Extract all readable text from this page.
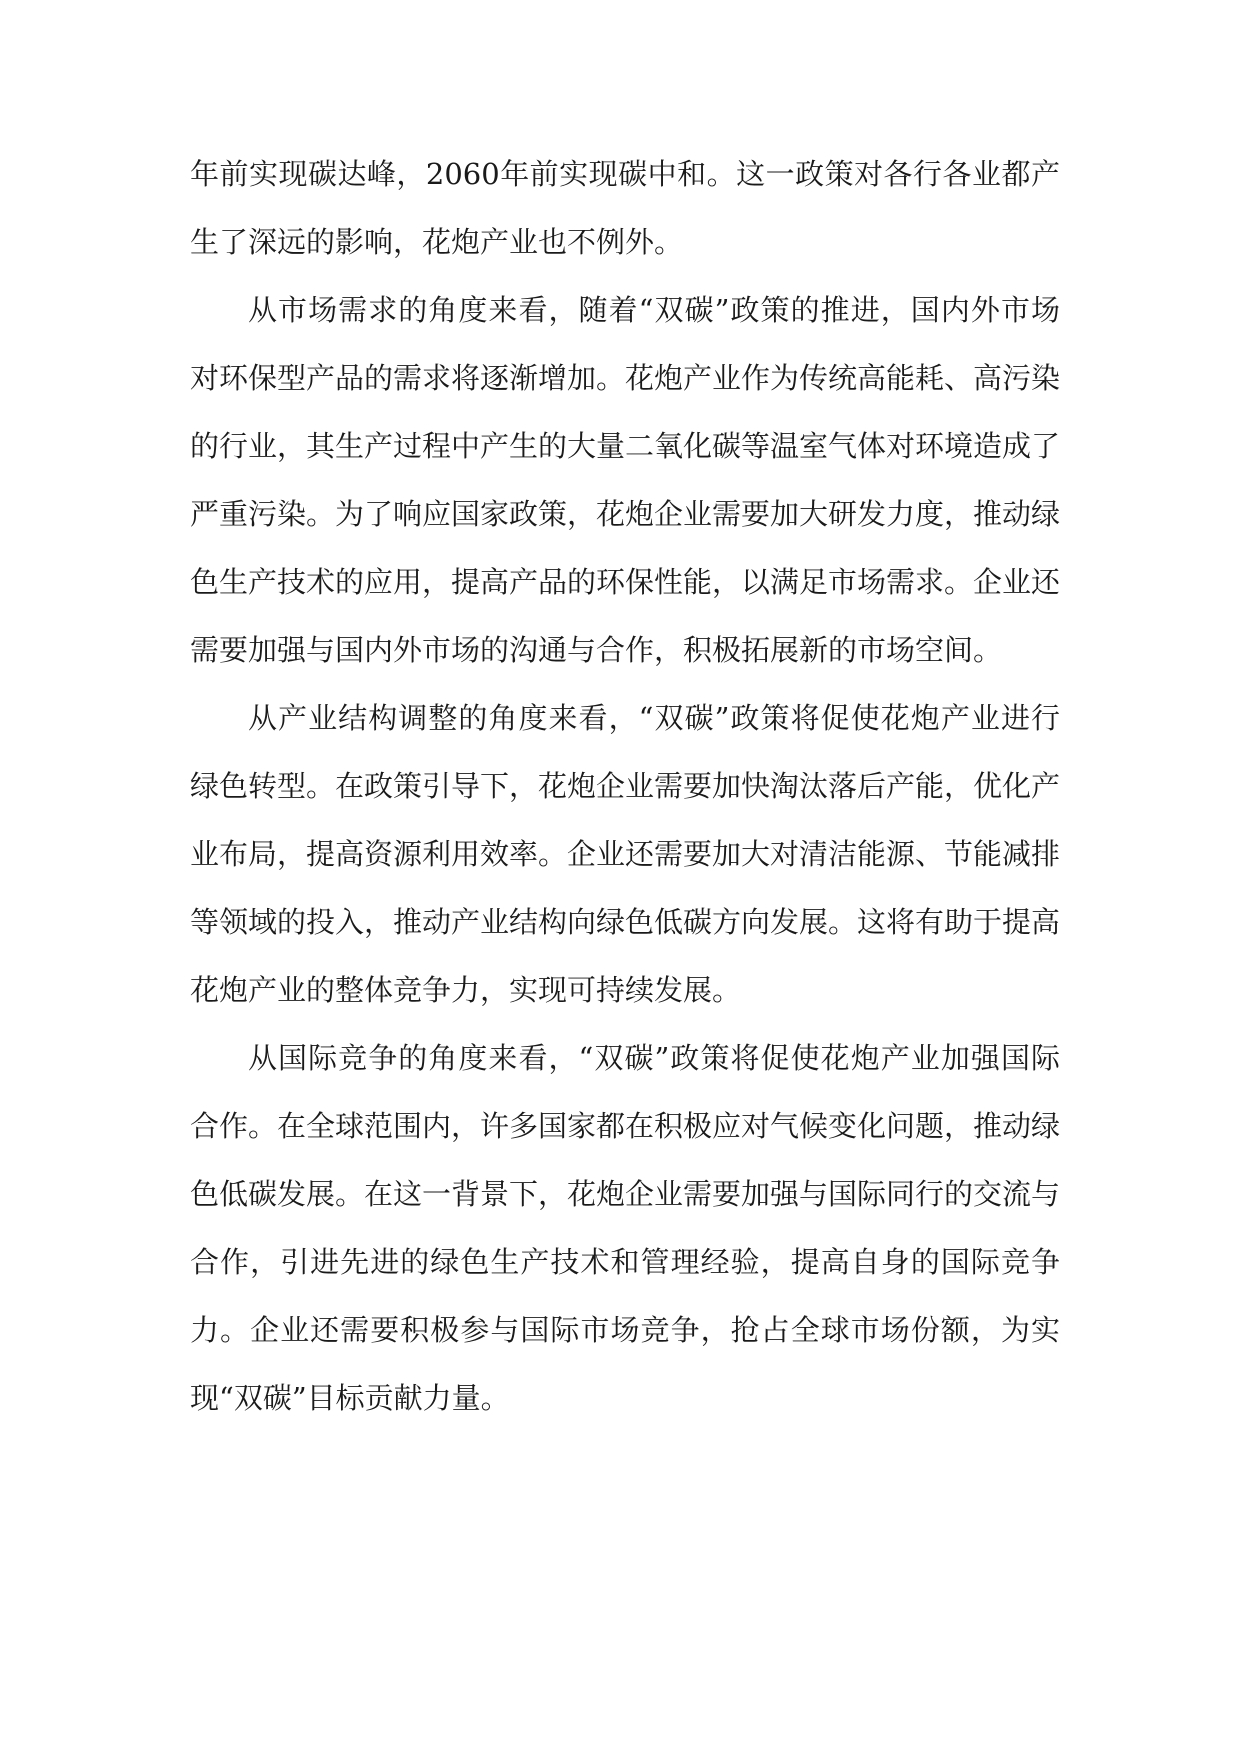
年前实现碳达峰，2060年前实现碳中和。这一政策对各行各业都产生了深远的影响，花炮产业也不例外。

从市场需求的角度来看，随着“双碳”政策的推进，国内外市场对环保型产品的需求将逐渐增加。花炮产业作为传统高能耗、高污染的行业，其生产过程中产生的大量二氧化碳等温室气体对环境造成了严重污染。为了响应国家政策，花炮企业需要加大研发力度，推动绿色生产技术的应用，提高产品的环保性能，以满足市场需求。企业还需要加强与国内外市场的沟通与合作，积极拓展新的市场空间。

从产业结构调整的角度来看，“双碳”政策将促使花炮产业进行绿色转型。在政策引导下，花炮企业需要加快淘汰落后产能，优化产业布局，提高资源利用效率。企业还需要加大对清洁能源、节能减排等领域的投入，推动产业结构向绿色低碳方向发展。这将有助于提高花炮产业的整体竞争力，实现可持续发展。

从国际竞争的角度来看，“双碳”政策将促使花炮产业加强国际合作。在全球范围内，许多国家都在积极应对气候变化问题，推动绿色低碳发展。在这一背景下，花炮企业需要加强与国际同行的交流与合作，引进先进的绿色生产技术和管理经验，提高自身的国际竞争力。企业还需要积极参与国际市场竞争，抢占全球市场份额，为实现“双碳”目标贡献力量。
